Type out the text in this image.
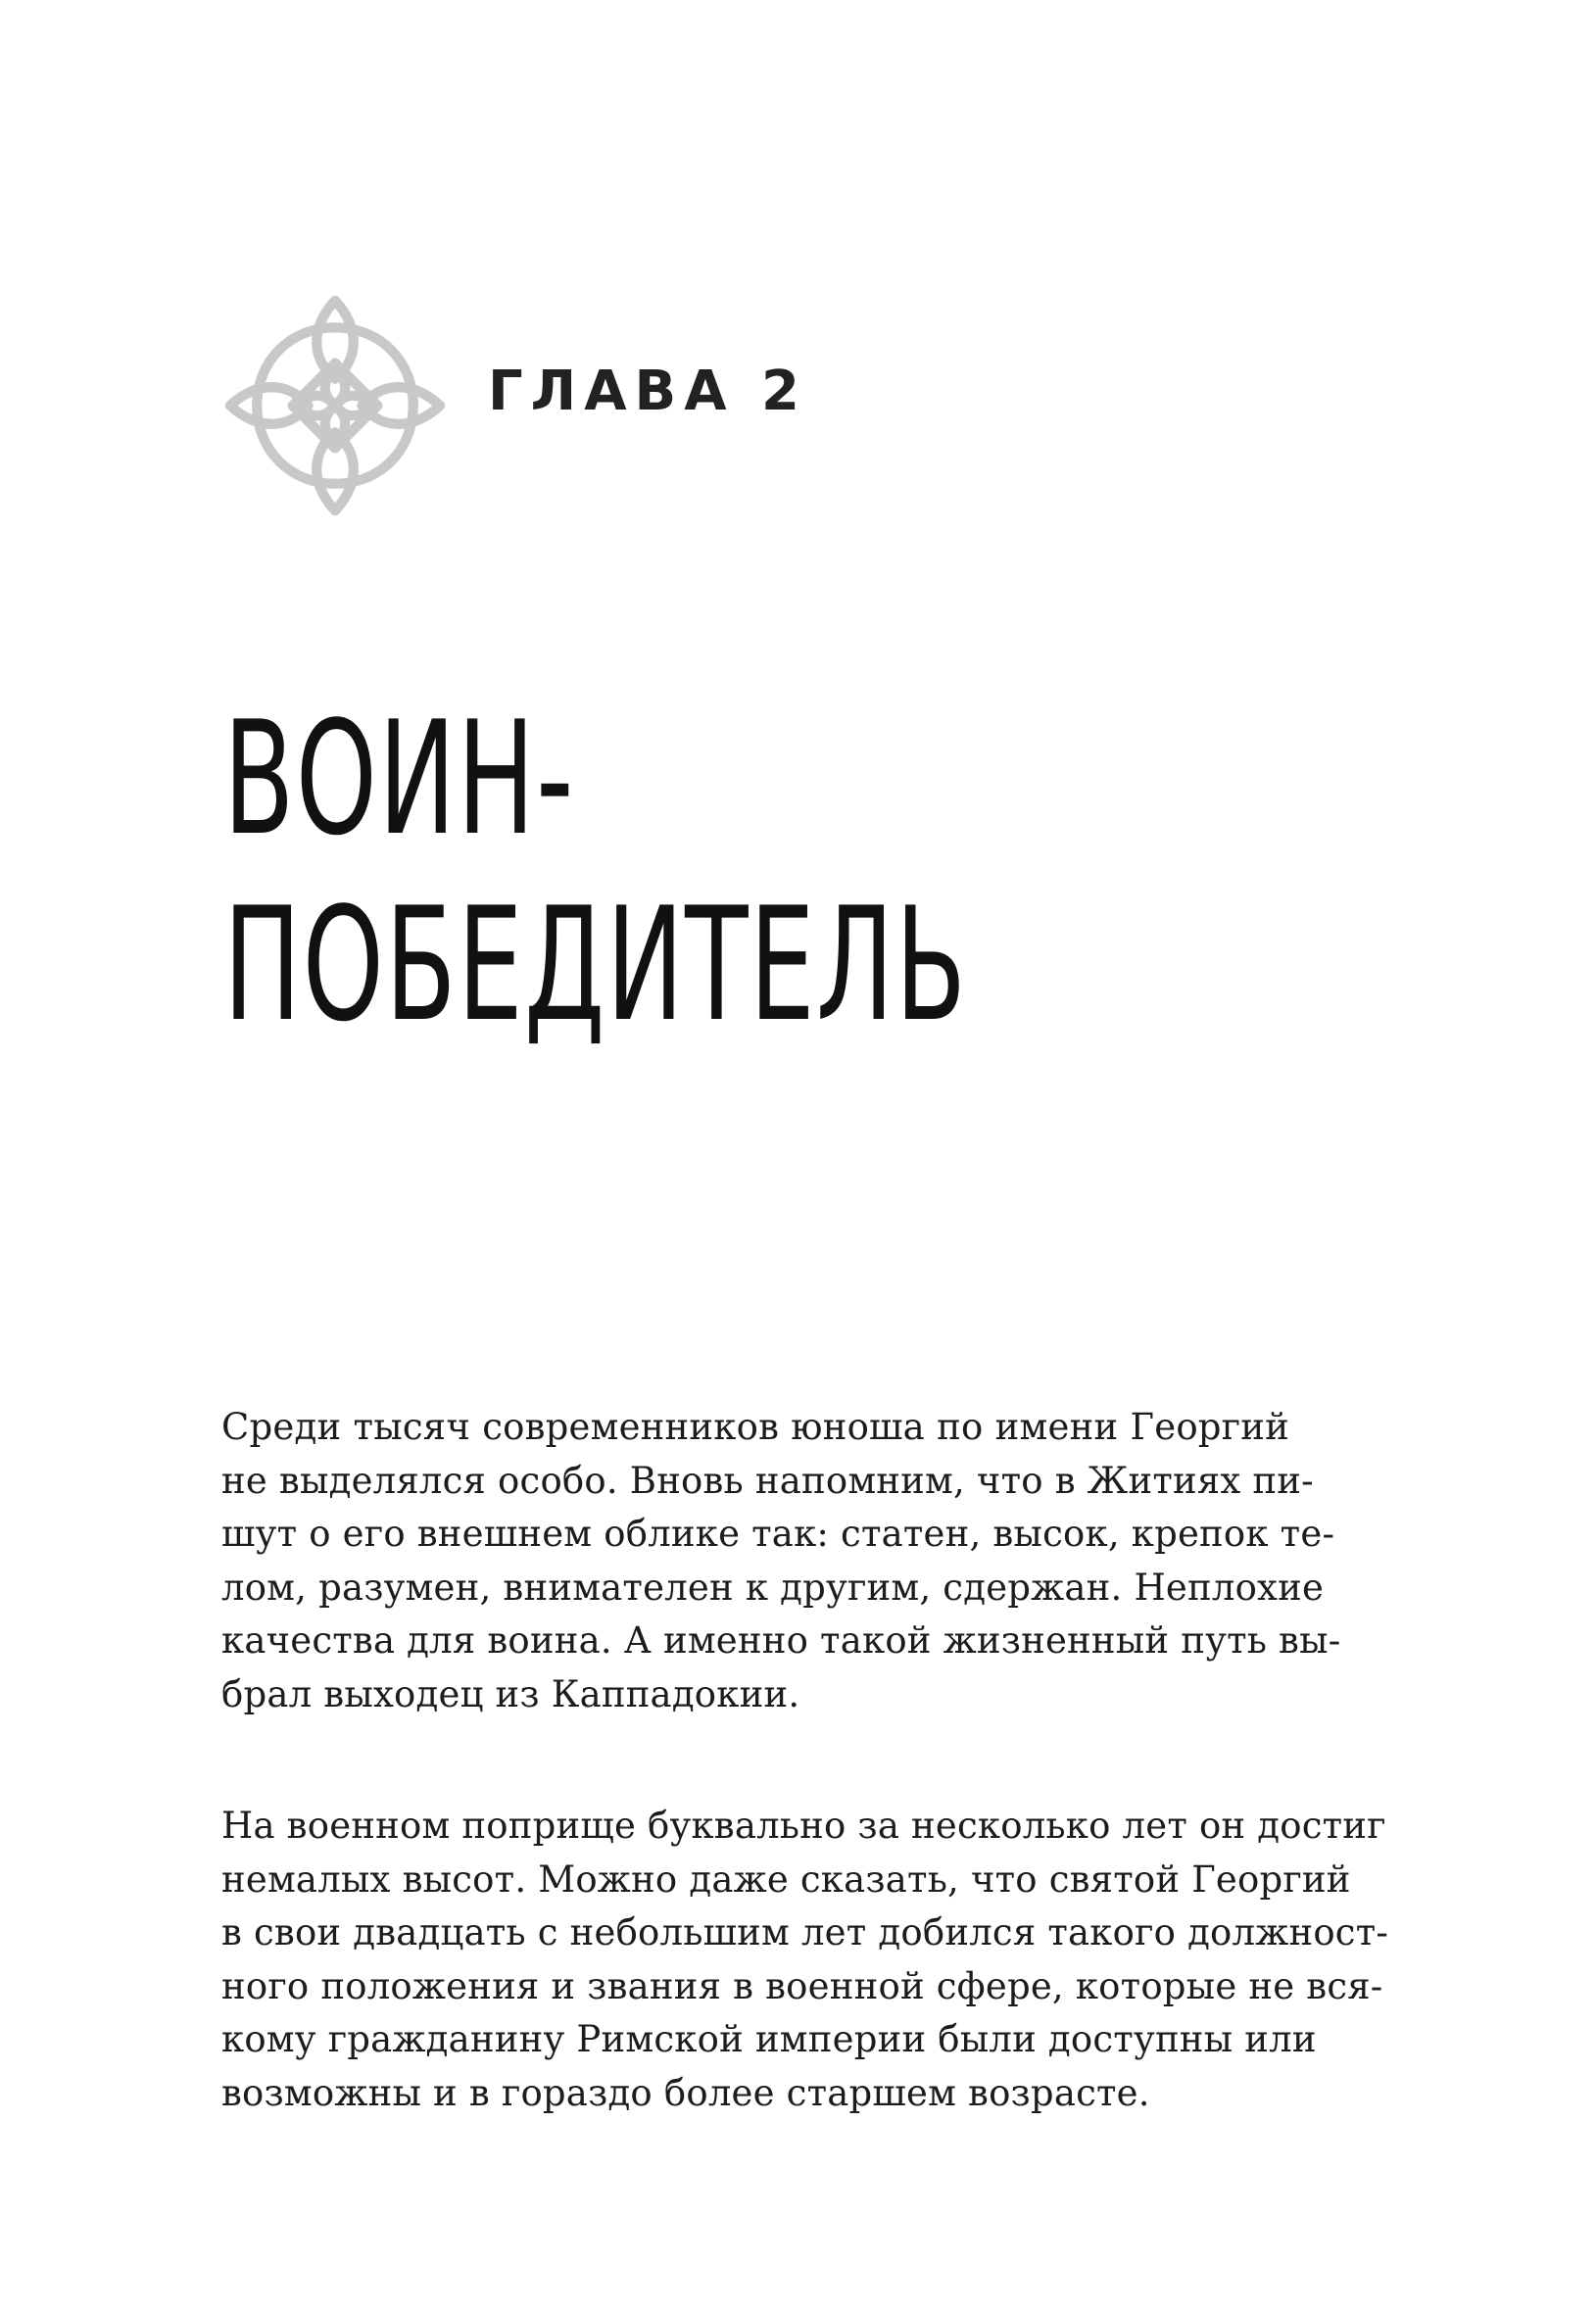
ГЛАВА 2
ВОИН-
ПОБЕДИТЕЛЬ

Среди тысяч современников юноша по имени Георгий
не выделялся особо. Вновь напомним, что в Житиях пи-
шут о его внешнем облике так: статен, высок, крепок те-
лом, разумен, внимателен к другим, сдержан. Неплохие
качества для воина. А именно такой жизненный путь вы-
брал выходец из Каппадокии.

На военном поприще буквально за несколько лет он достиг
немалых высот. Можно даже сказать, что святой Георгий
в свои двадцать с небольшим лет добился такого должност-
ного положения и звания в военной сфере, которые не вся-
кому гражданину Римской империи были доступны или
возможны и в гораздо более старшем возрасте.
